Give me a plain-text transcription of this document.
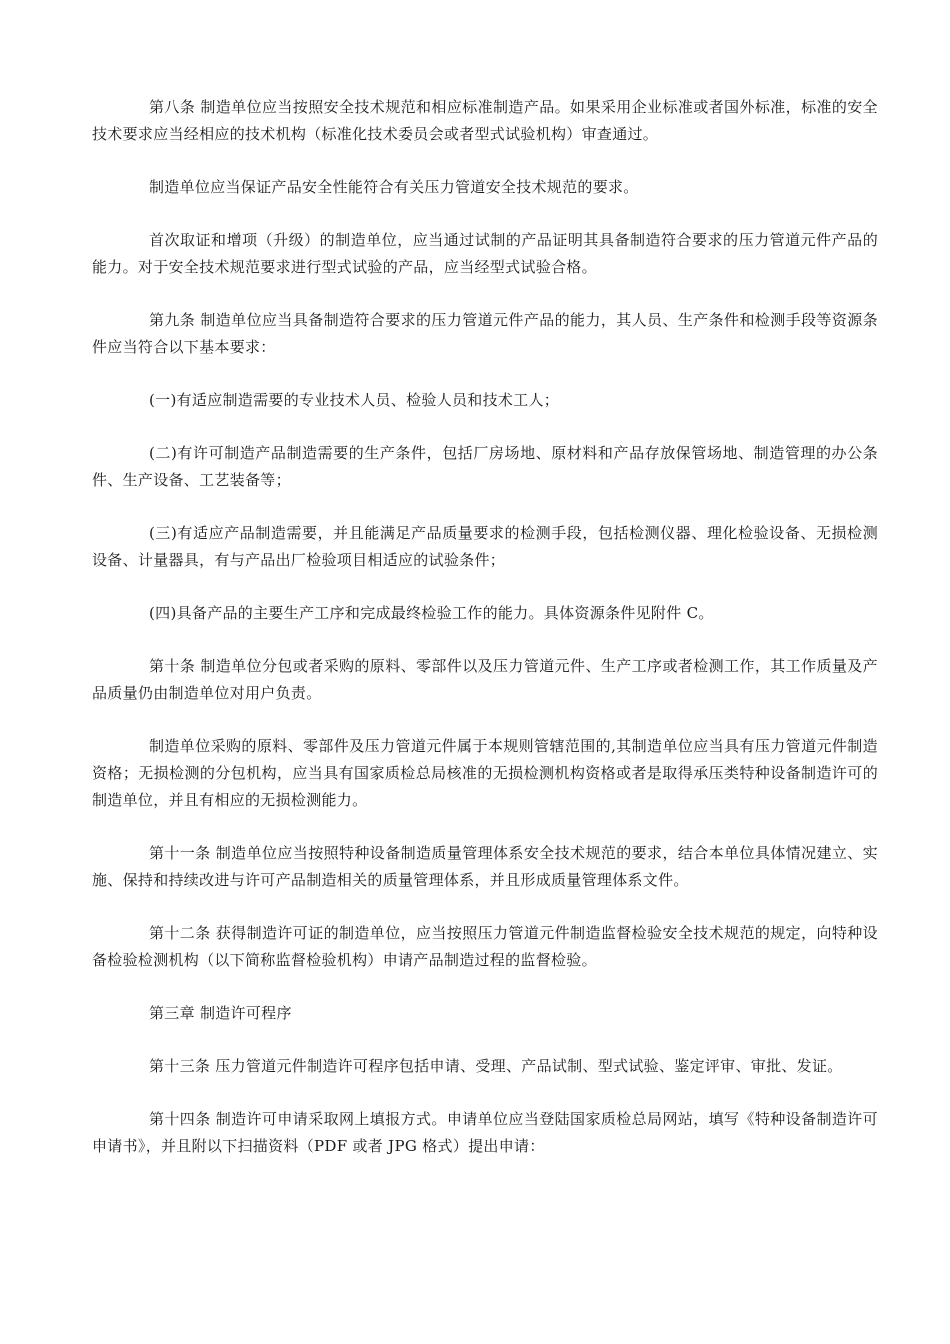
第八条 制造单位应当按照安全技术规范和相应标准制造产品。如果采用企业标准或者国外标准，标准的安全技术要求应当经相应的技术机构（标准化技术委员会或者型式试验机构）审查通过。

制造单位应当保证产品安全性能符合有关压力管道安全技术规范的要求。

首次取证和增项（升级）的制造单位，应当通过试制的产品证明其具备制造符合要求的压力管道元件产品的能力。对于安全技术规范要求进行型式试验的产品，应当经型式试验合格。

第九条 制造单位应当具备制造符合要求的压力管道元件产品的能力，其人员、生产条件和检测手段等资源条件应当符合以下基本要求：

(一)有适应制造需要的专业技术人员、检验人员和技术工人；

(二)有许可制造产品制造需要的生产条件，包括厂房场地、原材料和产品存放保管场地、制造管理的办公条件、生产设备、工艺装备等；

(三)有适应产品制造需要，并且能满足产品质量要求的检测手段，包括检测仪器、理化检验设备、无损检测设备、计量器具，有与产品出厂检验项目相适应的试验条件；

(四)具备产品的主要生产工序和完成最终检验工作的能力。具体资源条件见附件 C。

第十条 制造单位分包或者采购的原料、零部件以及压力管道元件、生产工序或者检测工作，其工作质量及产品质量仍由制造单位对用户负责。

制造单位采购的原料、零部件及压力管道元件属于本规则管辖范围的,其制造单位应当具有压力管道元件制造资格；无损检测的分包机构，应当具有国家质检总局核准的无损检测机构资格或者是取得承压类特种设备制造许可的制造单位，并且有相应的无损检测能力。

第十一条 制造单位应当按照特种设备制造质量管理体系安全技术规范的要求，结合本单位具体情况建立、实施、保持和持续改进与许可产品制造相关的质量管理体系，并且形成质量管理体系文件。

第十二条 获得制造许可证的制造单位，应当按照压力管道元件制造监督检验安全技术规范的规定，向特种设备检验检测机构（以下简称监督检验机构）申请产品制造过程的监督检验。

第三章 制造许可程序

第十三条 压力管道元件制造许可程序包括申请、受理、产品试制、型式试验、鉴定评审、审批、发证。

第十四条 制造许可申请采取网上填报方式。申请单位应当登陆国家质检总局网站，填写《特种设备制造许可申请书》，并且附以下扫描资料（PDF 或者 JPG 格式）提出申请：
